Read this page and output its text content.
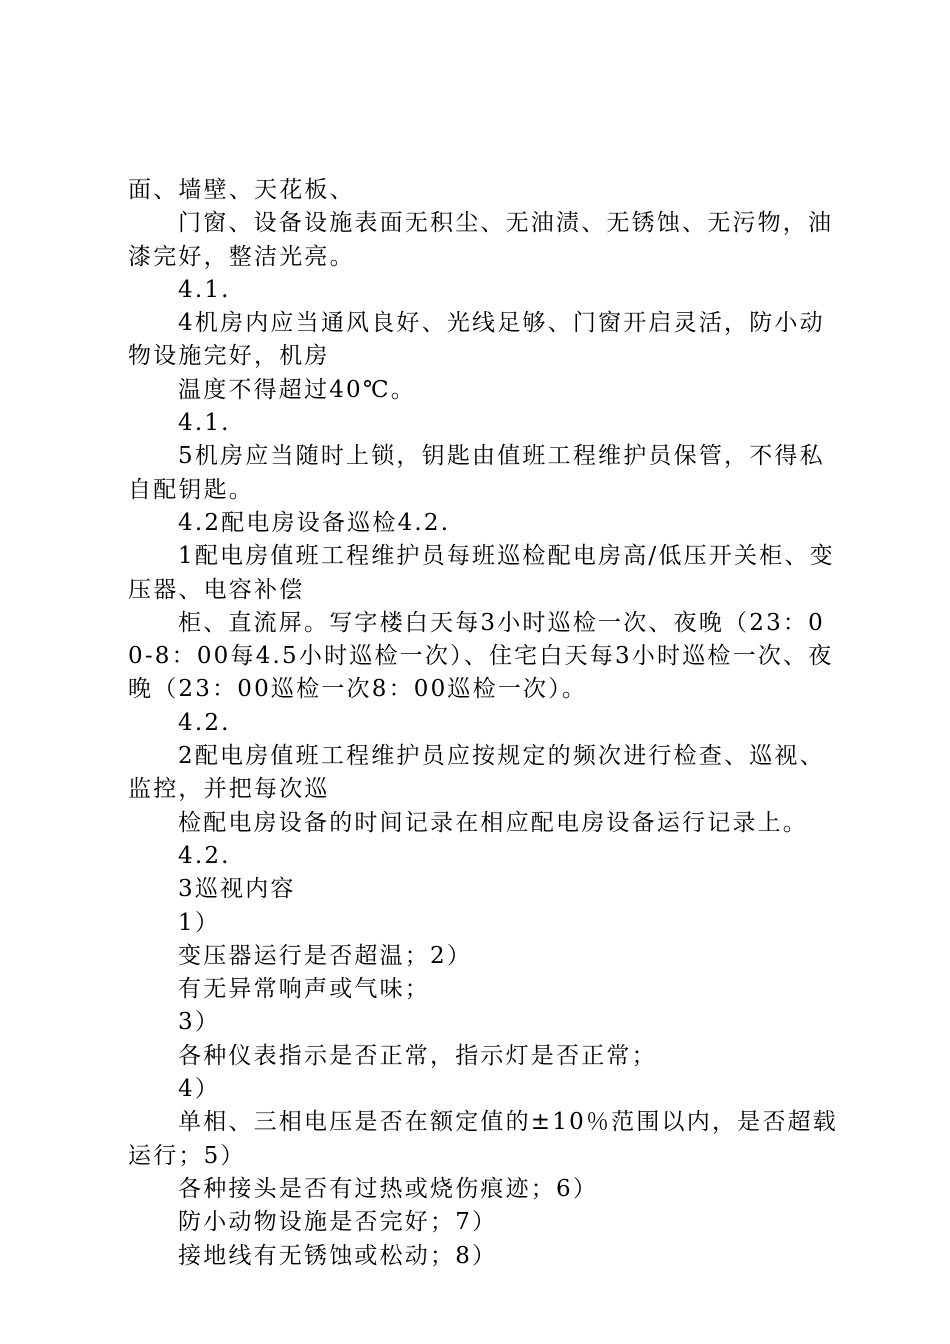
面、墙壁、天花板、

门窗、设备设施表面无积尘、无油渍、无锈蚀、无污物，油漆完好，整洁光亮。

4.1.

4机房内应当通风良好、光线足够、门窗开启灵活，防小动物设施完好，机房

温度不得超过40℃。

4.1.

5机房应当随时上锁，钥匙由值班工程维护员保管，不得私自配钥匙。

4.2配电房设备巡检4.2.

1配电房值班工程维护员每班巡检配电房高/低压开关柜、变压器、电容补偿

柜、直流屏。写字楼白天每3小时巡检一次、夜晚（23：00-8：00每4.5小时巡检一次）、住宅白天每3小时巡检一次、夜晚（23：00巡检一次8：00巡检一次）。

4.2.

2配电房值班工程维护员应按规定的频次进行检查、巡视、监控，并把每次巡

检配电房设备的时间记录在相应配电房设备运行记录上。

4.2.

3巡视内容

1）

变压器运行是否超温；2）

有无异常响声或气味；

3）

各种仪表指示是否正常，指示灯是否正常；

4）

单相、三相电压是否在额定值的±10％范围以内，是否超载运行；5）

各种接头是否有过热或烧伤痕迹；6）

防小动物设施是否完好；7）

接地线有无锈蚀或松动；8）
